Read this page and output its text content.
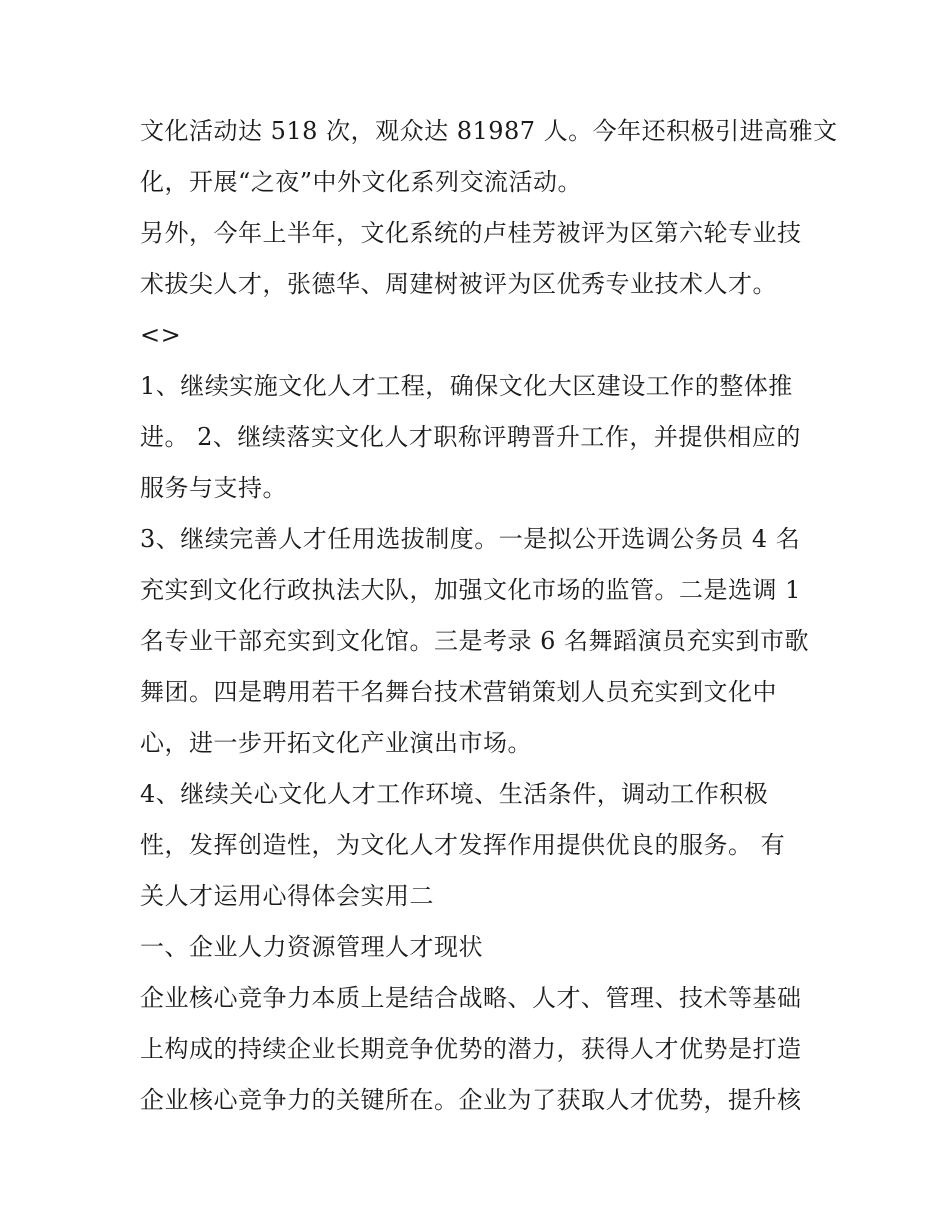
文化活动达 518 次，观众达 81987 人。今年还积极引进高雅文
化，开展“之夜”中外文化系列交流活动。
另外，今年上半年，文化系统的卢桂芳被评为区第六轮专业技
术拔尖人才，张德华、周建树被评为区优秀专业技术人才。
<>
1、继续实施文化人才工程，确保文化大区建设工作的整体推
进。 2、继续落实文化人才职称评聘晋升工作，并提供相应的
服务与支持。
3、继续完善人才任用选拔制度。一是拟公开选调公务员 4 名
充实到文化行政执法大队，加强文化市场的监管。二是选调 1
名专业干部充实到文化馆。三是考录 6 名舞蹈演员充实到市歌
舞团。四是聘用若干名舞台技术营销策划人员充实到文化中
心，进一步开拓文化产业演出市场。
4、继续关心文化人才工作环境、生活条件，调动工作积极
性，发挥创造性，为文化人才发挥作用提供优良的服务。 有
关人才运用心得体会实用二
一、企业人力资源管理人才现状
企业核心竞争力本质上是结合战略、人才、管理、技术等基础
上构成的持续企业长期竞争优势的潜力，获得人才优势是打造
企业核心竞争力的关键所在。企业为了获取人才优势，提升核
